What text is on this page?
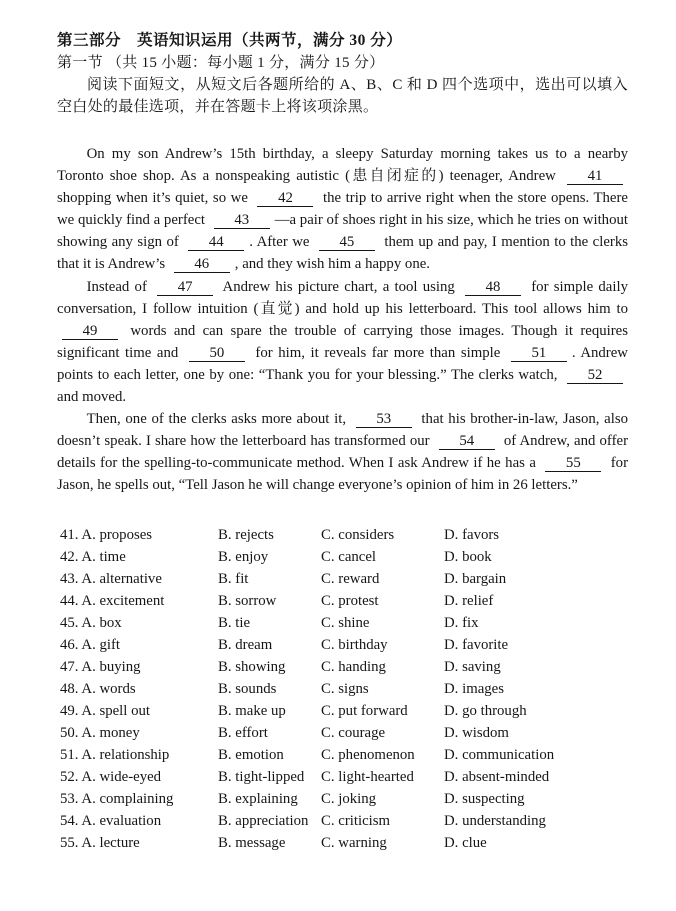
第三部分　英语知识运用（共两节，满分 30 分）
第一节 （共 15 小题：每小题 1 分，满分 15 分）

阅读下面短文，从短文后各题所给的 A、B、C 和 D 四个选项中，选出可以填入空白处的最佳选项，并在答题卡上将该项涂黑。

On my son Andrew’s 15th birthday, a sleepy Saturday morning takes us to a nearby Toronto shoe shop. As a nonspeaking autistic (患自闭症的) teenager, Andrew 41 shopping when it’s quiet, so we 42 the trip to arrive right when the store opens. There we quickly find a perfect 43 —a pair of shoes right in his size, which he tries on without showing any sign of 44 . After we 45 them up and pay, I mention to the clerks that it is Andrew’s 46 , and they wish him a happy one.

Instead of 47 Andrew his picture chart, a tool using 48 for simple daily conversation, I follow intuition (直觉) and hold up his letterboard. This tool allows him to 49 words and can spare the trouble of carrying those images. Though it requires significant time and 50 for him, it reveals far more than simple 51 . Andrew points to each letter, one by one: “Thank you for your blessing.” The clerks watch, 52 and moved.

Then, one of the clerks asks more about it, 53 that his brother-in-law, Jason, also doesn’t speak. I share how the letterboard has transformed our 54 of Andrew, and offer details for the spelling-to-communicate method. When I ask Andrew if he has a 55 for Jason, he spells out, “Tell Jason he will change everyone’s opinion of him in 26 letters.”

41. A. proposes	B. rejects	C. considers	D. favors
42. A. time	B. enjoy	C. cancel	D. book
43. A. alternative	B. fit	C. reward	D. bargain
44. A. excitement	B. sorrow	C. protest	D. relief
45. A. box	B. tie	C. shine	D. fix
46. A. gift	B. dream	C. birthday	D. favorite
47. A. buying	B. showing	C. handing	D. saving
48. A. words	B. sounds	C. signs	D. images
49. A. spell out	B. make up	C. put forward	D. go through
50. A. money	B. effort	C. courage	D. wisdom
51. A. relationship	B. emotion	C. phenomenon	D. communication
52. A. wide-eyed	B. tight-lipped	C. light-hearted	D. absent-minded
53. A. complaining	B. explaining	C. joking	D. suspecting
54. A. evaluation	B. appreciation C. criticism	D. understanding
55. A. lecture	B. message	C. warning	D. clue
